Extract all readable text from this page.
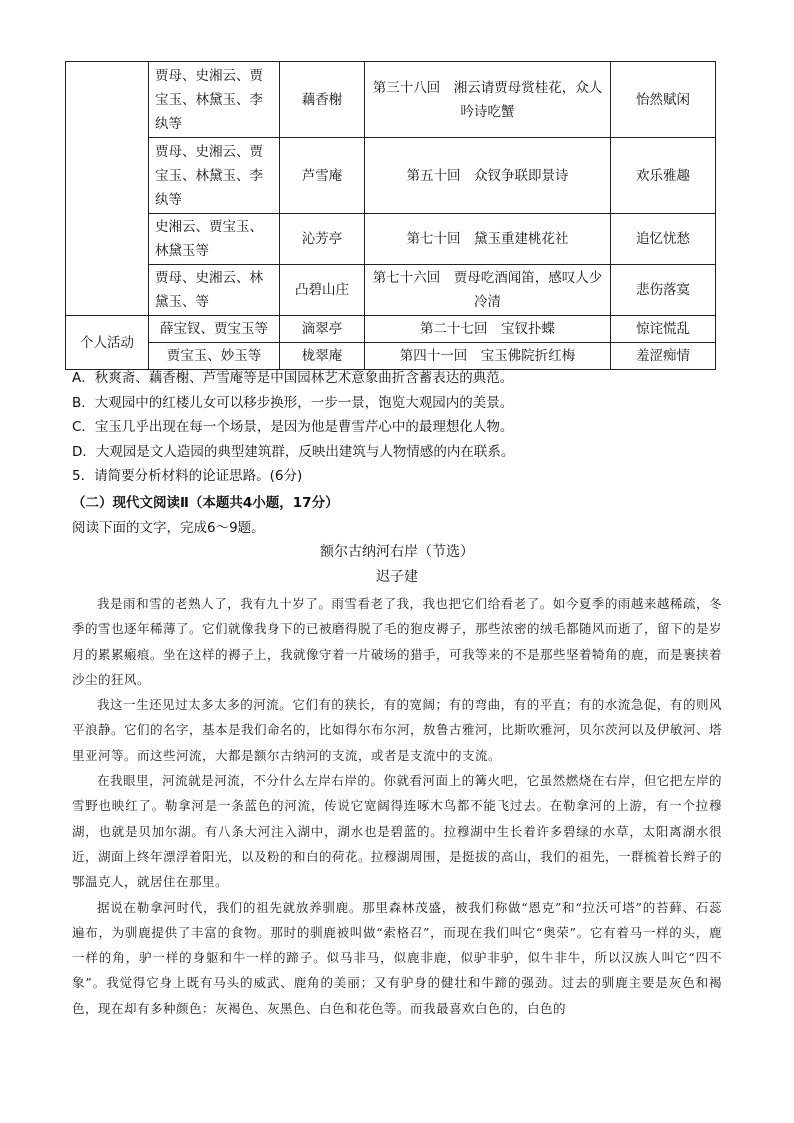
	贾母、史湘云、贾宝玉、林黛玉、李纨等	藕香榭	第三十八回　湘云请贾母赏桂花，众人吟诗吃蟹	怡然赋闲
	贾母、史湘云、贾宝玉、林黛玉、李纨等	芦雪庵	第五十回　众钗争联即景诗	欢乐雅趣
	史湘云、贾宝玉、林黛玉等	沁芳亭	第七十回　黛玉重建桃花社	追忆忧愁
	贾母、史湘云、林黛玉、等	凸碧山庄	第七十六回　贾母吃酒闻笛，感叹人少冷清	悲伤落寞
个人活动	薛宝钗、贾宝玉等	滴翠亭	第二十七回　宝钗扑蝶	惊诧慌乱
	贾宝玉、妙玉等	栊翠庵	第四十一回　宝玉佛院折红梅	羞涩痴情

A．秋爽斋、藕香榭、芦雪庵等是中国园林艺术意象曲折含蓄表达的典范。

B．大观园中的红楼儿女可以移步换形，一步一景，饱览大观园内的美景。

C．宝玉几乎出现在每一个场景，是因为他是曹雪芹心中的最理想化人物。

D．大观园是文人造园的典型建筑群，反映出建筑与人物情感的内在联系。

5．请简要分析材料的论证思路。(6分)

（二）现代文阅读Ⅱ（本题共4小题，17分）
阅读下面的文字，完成6～9题。
额尔古纳河右岸（节选）
迟子建

我是雨和雪的老熟人了，我有九十岁了。雨雪看老了我，我也把它们给看老了。如今夏季的雨越来越稀疏，冬季的雪也逐年稀薄了。它们就像我身下的已被磨得脱了毛的狍皮褥子，那些浓密的绒毛都随风而逝了，留下的是岁月的累累瘢痕。坐在这样的褥子上，我就像守着一片破场的猎手，可我等来的不是那些坚着犄角的鹿，而是裹挟着沙尘的狂风。

我这一生还见过太多太多的河流。它们有的狭长，有的宽阔；有的弯曲，有的平直；有的水流急促，有的则风平浪静。它们的名字，基本是我们命名的，比如得尔布尔河，敖鲁古雅河，比斯吹雅河，贝尔茨河以及伊敏河、塔里亚河等。而这些河流，大都是额尔古纳河的支流，或者是支流中的支流。

在我眼里，河流就是河流，不分什么左岸右岸的。你就看河面上的篝火吧，它虽然燃烧在右岸，但它把左岸的雪野也映红了。勒拿河是一条蓝色的河流，传说它宽阔得连啄木鸟都不能飞过去。在勒拿河的上游，有一个拉穆湖，也就是贝加尔湖。有八条大河注入湖中，湖水也是碧蓝的。拉穆湖中生长着许多碧绿的水草，太阳离湖水很近，湖面上终年漂浮着阳光，以及粉的和白的荷花。拉穆湖周围，是挺拔的高山，我们的祖先，一群梳着长辫子的鄂温克人，就居住在那里。

据说在勒拿河时代，我们的祖先就放养驯鹿。那里森林茂盛，被我们称做“恩克”和“拉沃可塔”的苔藓、石蕊遍布，为驯鹿提供了丰富的食物。那时的驯鹿被叫做“索格召”，而现在我们叫它“奥荣”。它有着马一样的头，鹿一样的角，驴一样的身躯和牛一样的蹄子。似马非马，似鹿非鹿，似驴非驴，似牛非牛，所以汉族人叫它“四不象”。我觉得它身上既有马头的威武、鹿角的美丽；又有驴身的健壮和牛蹄的强劲。过去的驯鹿主要是灰色和褐色，现在却有多种颜色：灰褐色、灰黑色、白色和花色等。而我最喜欢白色的，白色的
